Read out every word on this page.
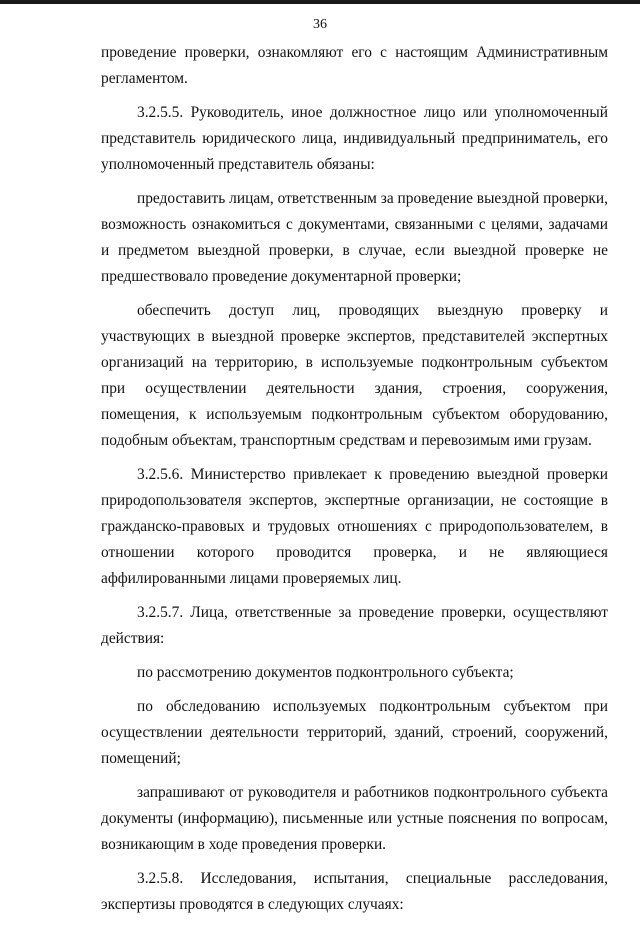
36

проведение проверки, ознакомляют его с настоящим Административным регламентом.

3.2.5.5. Руководитель, иное должностное лицо или уполномоченный представитель юридического лица, индивидуальный предприниматель, его уполномоченный представитель обязаны:

предоставить лицам, ответственным за проведение выездной проверки, возможность ознакомиться с документами, связанными с целями, задачами и предметом выездной проверки, в случае, если выездной проверке не предшествовало проведение документарной проверки;

обеспечить доступ лиц, проводящих выездную проверку и участвующих в выездной проверке экспертов, представителей экспертных организаций на территорию, в используемые подконтрольным субъектом при осуществлении деятельности здания, строения, сооружения, помещения, к используемым подконтрольным субъектом оборудованию, подобным объектам, транспортным средствам и перевозимым ими грузам.

3.2.5.6. Министерство привлекает к проведению выездной проверки природопользователя экспертов, экспертные организации, не состоящие в гражданско-правовых и трудовых отношениях с природопользователем, в отношении которого проводится проверка, и не являющиеся аффилированными лицами проверяемых лиц.

3.2.5.7. Лица, ответственные за проведение проверки, осуществляют действия:

по рассмотрению документов подконтрольного субъекта;

по обследованию используемых подконтрольным субъектом при осуществлении деятельности территорий, зданий, строений, сооружений, помещений;

запрашивают от руководителя и работников подконтрольного субъекта документы (информацию), письменные или устные пояснения по вопросам, возникающим в ходе проведения проверки.

3.2.5.8. Исследования, испытания, специальные расследования, экспертизы проводятся в следующих случаях:
